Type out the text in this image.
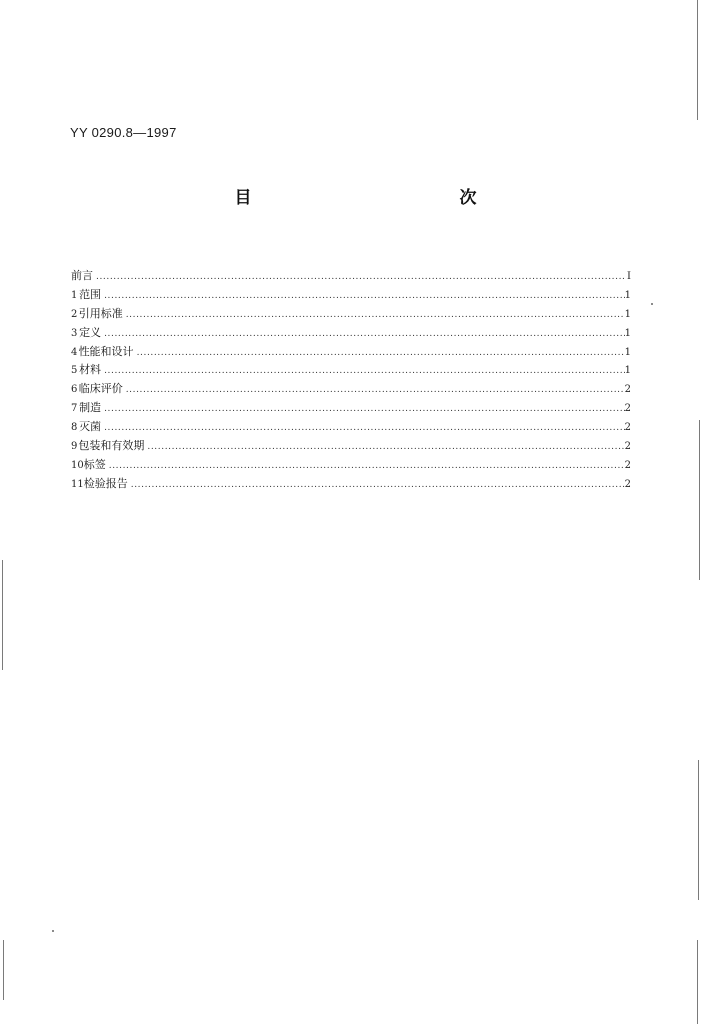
YY 0290.8—1997
目　　次
前言 .....	Ⅰ
1 范围 .....	1
2 引用标准 .....	1
3 定义 .....	1
4 性能和设计 .....	1
5 材料 .....	1
6 临床评价 .....	2
7 制造 .....	2
8 灭菌 .....	2
9 包装和有效期 .....	2
10 标签 .....	2
11 检验报告 .....	2
